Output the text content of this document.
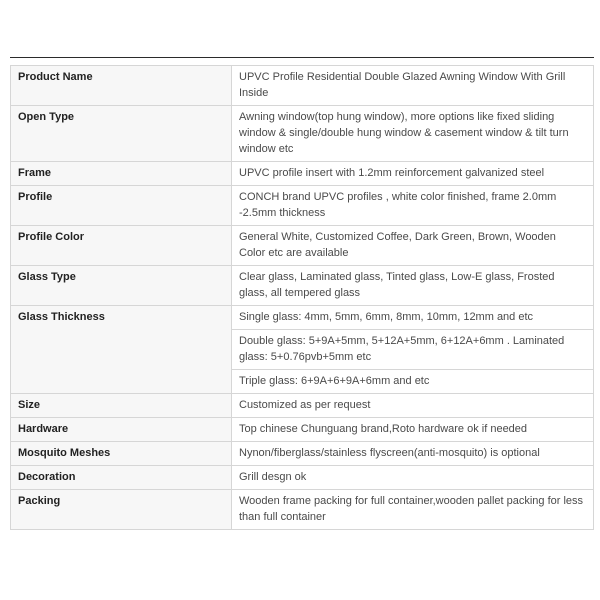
Product Name	UPVC Profile Residential Double Glazed Awning Window With Grill Inside
Open Type	Awning window(top hung window), more options like fixed sliding window & single/double hung window & casement window & tilt turn window etc
Frame	UPVC profile insert with 1.2mm reinforcement galvanized steel
Profile	CONCH brand UPVC profiles , white color finished, frame 2.0mm -2.5mm thickness
Profile Color	General White, Customized Coffee, Dark Green, Brown, Wooden Color etc are available
Glass Type	Clear glass, Laminated glass, Tinted glass, Low-E glass, Frosted glass, all tempered glass
Glass Thickness	Single glass: 4mm, 5mm, 6mm, 8mm, 10mm, 12mm and etc
	Double glass: 5+9A+5mm, 5+12A+5mm, 6+12A+6mm . Laminated glass: 5+0.76pvb+5mm etc
	Triple glass: 6+9A+6+9A+6mm and etc
Size	Customized as per request
Hardware	Top chinese Chunguang brand,Roto hardware ok if needed
Mosquito Meshes	Nynon/fiberglass/stainless flyscreen(anti-mosquito) is optional
Decoration	Grill desgn ok
Packing	Wooden frame packing for full container,wooden pallet packing for less than full container
